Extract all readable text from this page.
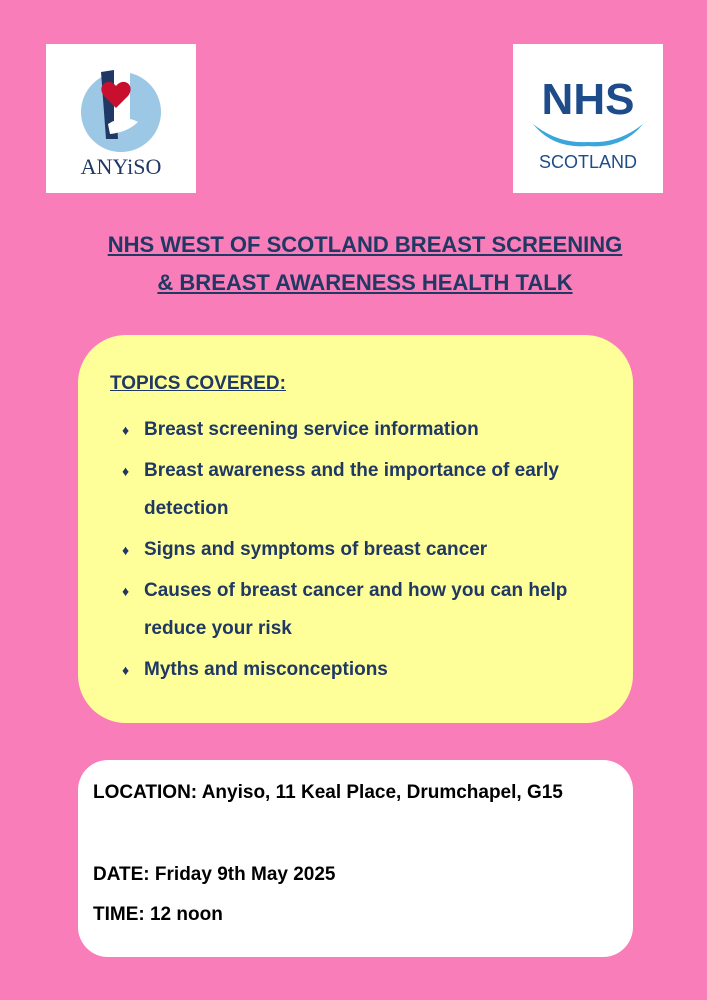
ANYiSO
NHS
SCOTLAND
NHS WEST OF SCOTLAND BREAST SCREENING
& BREAST AWARENESS HEALTH TALK
TOPICS COVERED:
♦ Breast screening service information
♦ Breast awareness and the importance of early detection
♦ Signs and symptoms of breast cancer
♦ Causes of breast cancer and how you can help reduce your risk
♦ Myths and misconceptions
LOCATION: Anyiso, 11 Keal Place, Drumchapel, G15
DATE: Friday 9th May 2025
TIME: 12 noon
